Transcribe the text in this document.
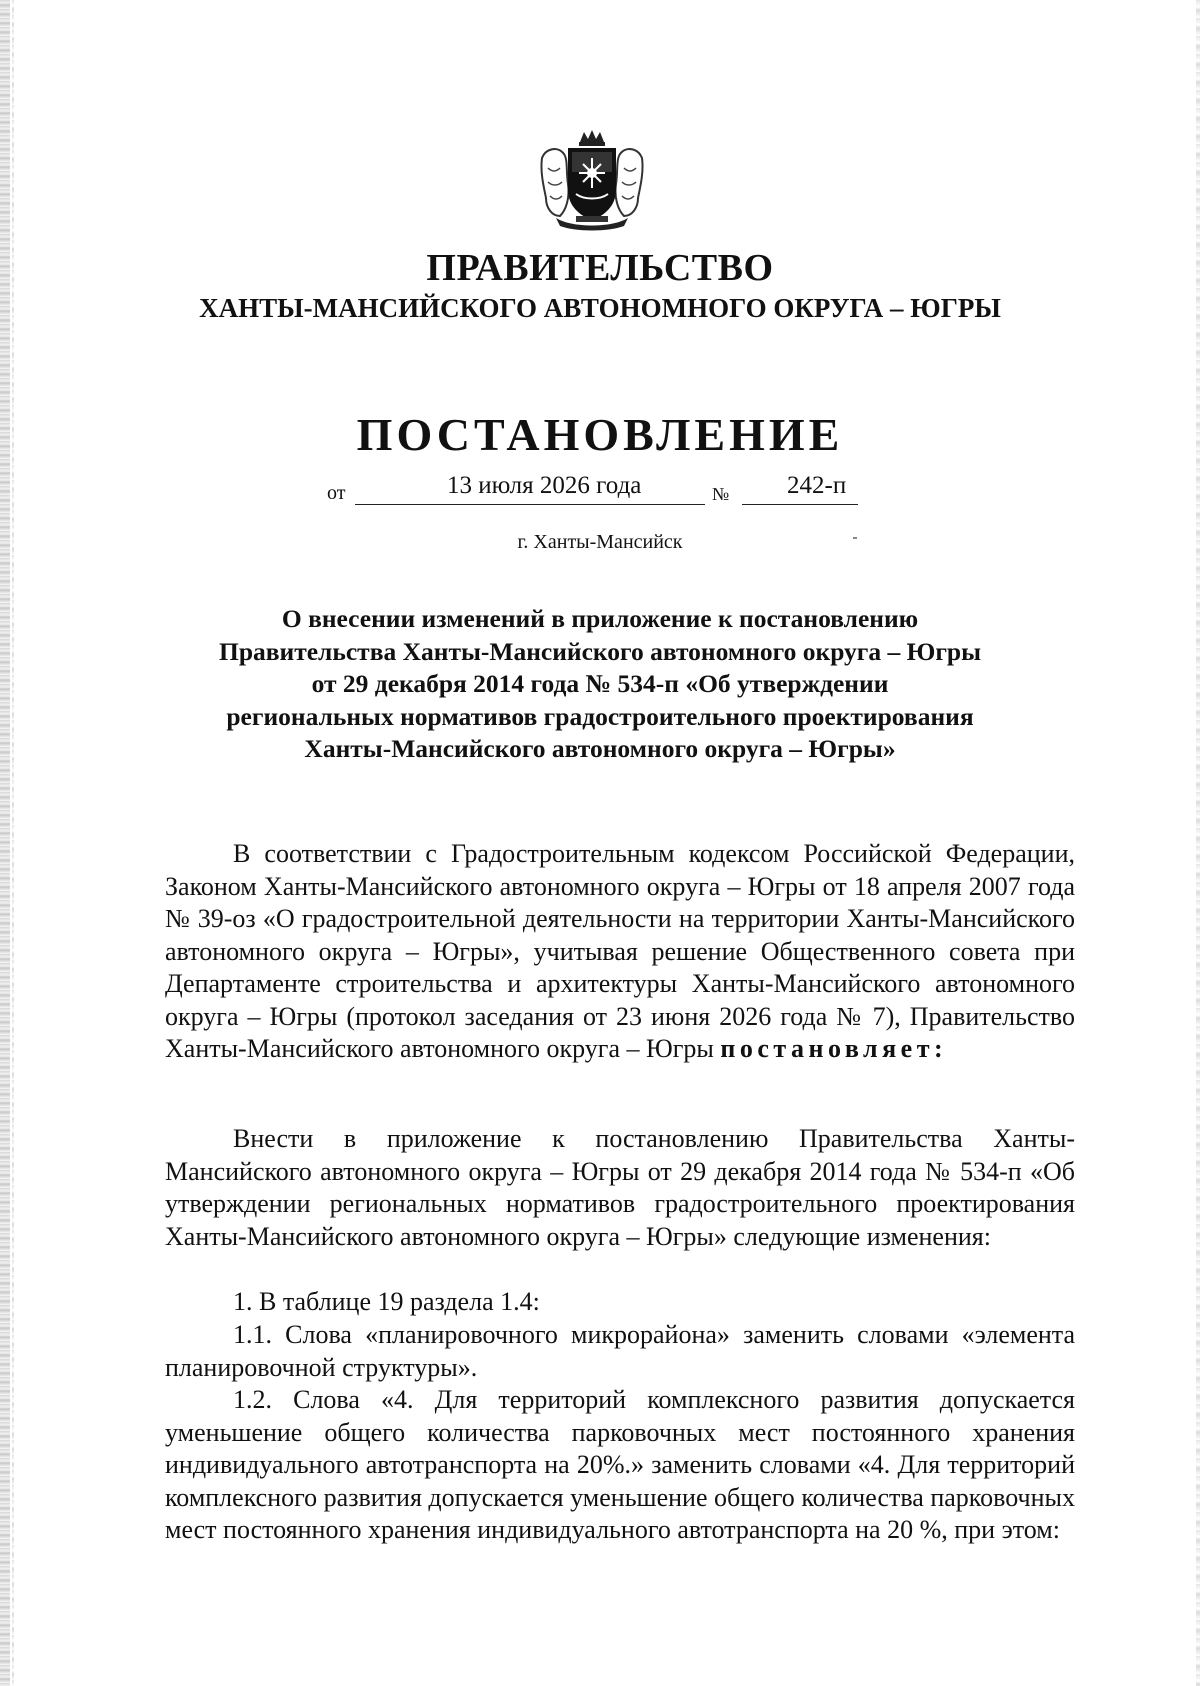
ПРАВИТЕЛЬСТВО
ХАНТЫ-МАНСИЙСКОГО АВТОНОМНОГО ОКРУГА – ЮГРЫ
ПОСТАНОВЛЕНИЕ
от	13 июля 2026 года	№ 242-п
г. Ханты-Мансийск
О внесении изменений в приложение к постановлению
Правительства Ханты-Мансийского автономного округа – Югры
от 29 декабря 2014 года № 534-п «Об утверждении
региональных нормативов градостроительного проектирования
Ханты-Мансийского автономного округа – Югры»

В соответствии с Градостроительным кодексом Российской Федерации, Законом Ханты-Мансийского автономного округа – Югры от 18 апреля 2007 года № 39-оз «О градостроительной деятельности на территории Ханты-Мансийского автономного округа – Югры», учитывая решение Общественного совета при Департаменте строительства и архитектуры Ханты-Мансийского автономного округа – Югры (протокол заседания от 23 июня 2026 года № 7), Правительство Ханты-Мансийского автономного округа – Югры постановляет:

Внести в приложение к постановлению Правительства Ханты-Мансийского автономного округа – Югры от 29 декабря 2014 года № 534-п «Об утверждении региональных нормативов градостроительного проектирования Ханты-Мансийского автономного округа – Югры» следующие изменения:

1. В таблице 19 раздела 1.4:

1.1. Слова «планировочного микрорайона» заменить словами «элемента планировочной структуры».

1.2. Слова «4. Для территорий комплексного развития допускается уменьшение общего количества парковочных мест постоянного хранения индивидуального автотранспорта на 20%.» заменить словами «4. Для территорий комплексного развития допускается уменьшение общего количества парковочных мест постоянного хранения индивидуального автотранспорта на 20 %, при этом:
